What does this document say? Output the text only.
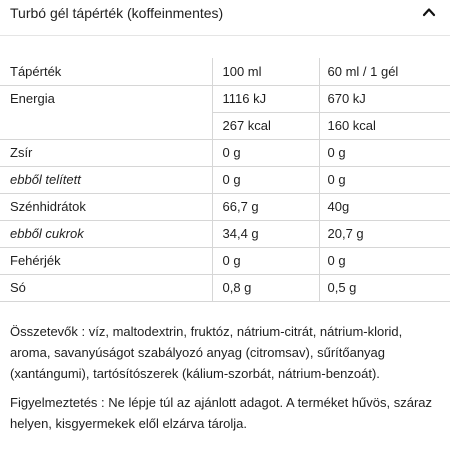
Turbó gél tápérték (koffeinmentes)
Tápérték	100 ml	60 ml / 1 gél
Energia	1116 kJ	670 kJ
	267 kcal	160 kcal
Zsír	0 g	0 g
ebből telített	0 g	0 g
Szénhidrátok	66,7 g	40g
ebből cukrok	34,4 g	20,7 g
Fehérjék	0 g	0 g
Só	0,8 g	0,5 g
Összetevők : víz, maltodextrin, fruktóz, nátrium-citrát, nátrium-klorid, aroma, savanyúságot szabályozó anyag (citromsav), sűrítőanyag (xantángumi), tartósítószerek (kálium-szorbát, nátrium-benzoát).
Figyelmeztetés : Ne lépje túl az ajánlott adagot. A terméket hűvös, száraz helyen, kisgyermekek elől elzárva tárolja.
